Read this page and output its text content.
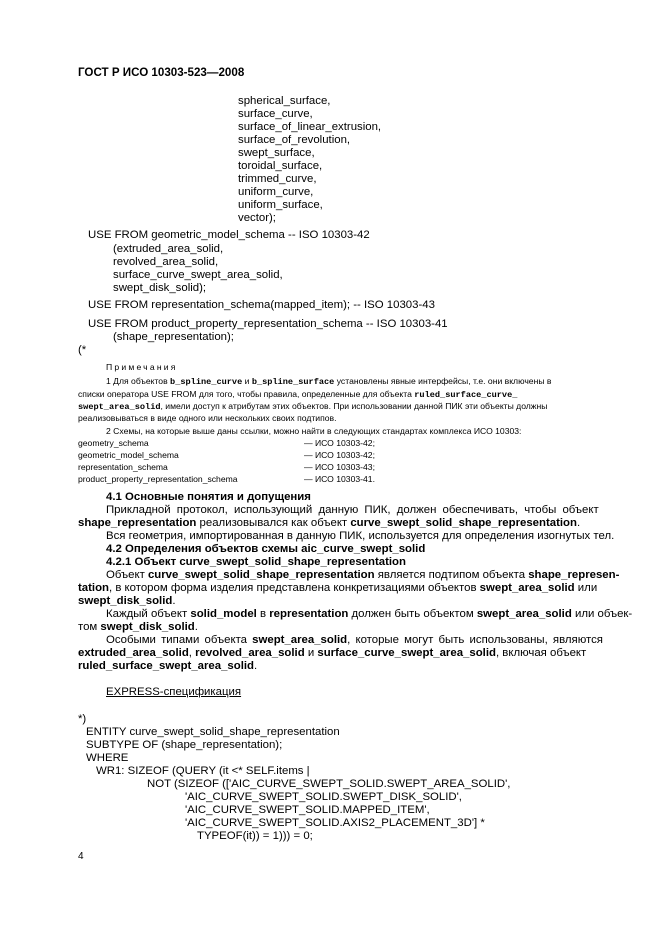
ГОСТ Р ИСО 10303-523—2008
spherical_surface,
surface_curve,
surface_of_linear_extrusion,
surface_of_revolution,
swept_surface,
toroidal_surface,
trimmed_curve,
uniform_curve,
uniform_surface,
vector);
USE FROM geometric_model_schema -- ISO 10303-42
(extruded_area_solid,
revolved_area_solid,
surface_curve_swept_area_solid,
swept_disk_solid);
USE FROM representation_schema(mapped_item); -- ISO 10303-43
USE FROM product_property_representation_schema -- ISO 10303-41
(shape_representation);
(*
Примечания
1 Для объектов b_spline_curve и b_spline_surface установлены явные интерфейсы, т.е. они включены в
списки оператора USE FROM для того, чтобы правила, определенные для объекта ruled_surface_curve_
swept_area_solid, имели доступ к атрибутам этих объектов. При использовании данной ПИК эти объекты должны
реализовываться в виде одного или нескольких своих подтипов.
2 Схемы, на которые выше даны ссылки, можно найти в следующих стандартах комплекса ИСО 10303:
geometry_schema	— ИСО 10303-42;
geometric_model_schema	— ИСО 10303-42;
representation_schema	— ИСО 10303-43;
product_property_representation_schema	— ИСО 10303-41.
4.1 Основные понятия и допущения
Прикладной протокол, использующий данную ПИК, должен обеспечивать, чтобы объект
shape_representation реализовывался как объект curve_swept_solid_shape_representation.
Вся геометрия, импортированная в данную ПИК, используется для определения изогнутых тел.
4.2 Определения объектов схемы aic_curve_swept_solid
4.2.1 Объект curve_swept_solid_shape_representation
Объект curve_swept_solid_shape_representation является подтипом объекта shape_represen-
tation, в котором форма изделия представлена конкретизациями объектов swept_area_solid или
swept_disk_solid.
Каждый объект solid_model в representation должен быть объектом swept_area_solid или объек-
том swept_disk_solid.
Особыми типами объекта swept_area_solid, которые могут быть использованы, являются
extruded_area_solid, revolved_area_solid и surface_curve_swept_area_solid, включая объект
ruled_surface_swept_area_solid.
EXPRESS-спецификация
*)
ENTITY curve_swept_solid_shape_representation
SUBTYPE OF (shape_representation);
WHERE
WR1: SIZEOF (QUERY (it <* SELF.items |
NOT (SIZEOF (['AIC_CURVE_SWEPT_SOLID.SWEPT_AREA_SOLID',
'AIC_CURVE_SWEPT_SOLID.SWEPT_DISK_SOLID',
'AIC_CURVE_SWEPT_SOLID.MAPPED_ITEM',
'AIC_CURVE_SWEPT_SOLID.AXIS2_PLACEMENT_3D'] *
TYPEOF(it)) = 1))) = 0;
4
